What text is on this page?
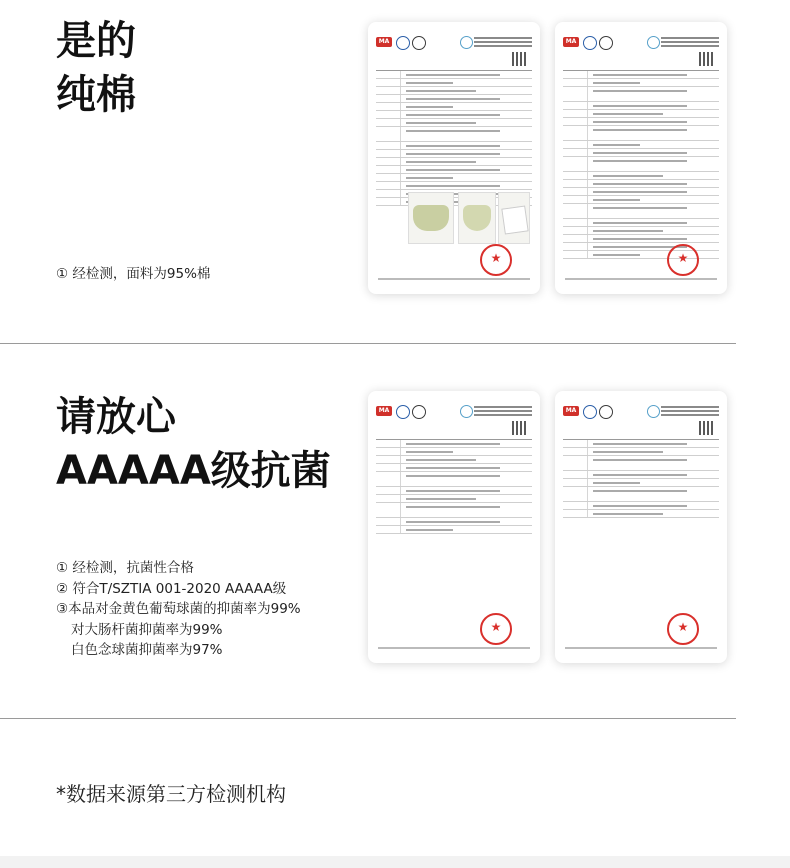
是的
纯棉
① 经检测，面料为95%棉
MA
★	MA
★
请放心
AAAAA级抗菌
① 经检测，抗菌性合格
② 符合T/SZTIA 001-2020 AAAAA级
③本品对金黄色葡萄球菌的抑菌率为99%
对大肠杆菌抑菌率为99%
白色念球菌抑菌率为97%
MA
★	MA
★
*数据来源第三方检测机构
